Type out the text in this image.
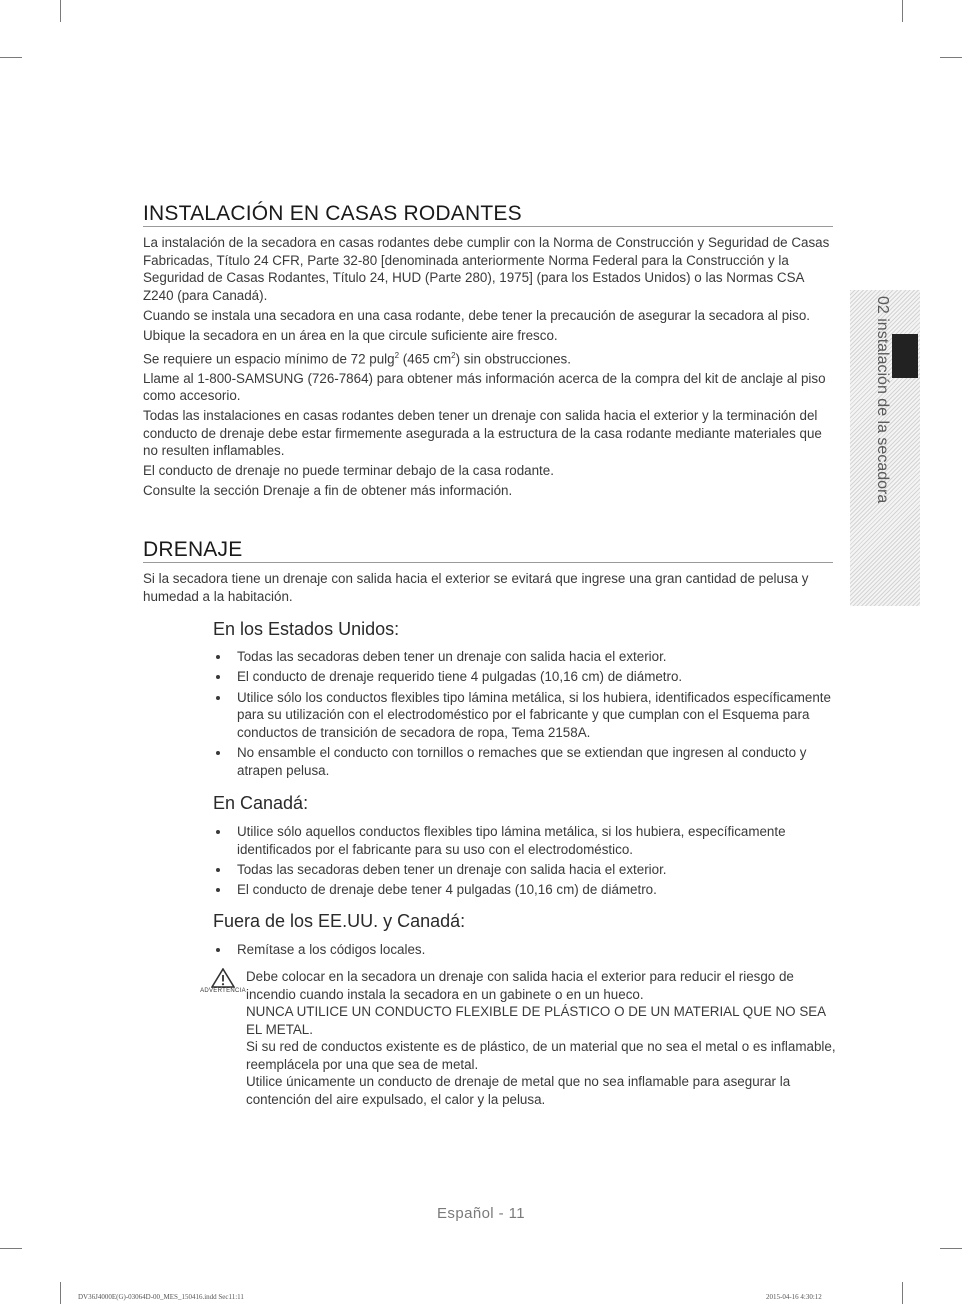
INSTALACIÓN EN CASAS RODANTES

La instalación de la secadora en casas rodantes debe cumplir con la Norma de Construcción y Seguridad de Casas Fabricadas, Título 24 CFR, Parte 32-80 [denominada anteriormente Norma Federal para la Construcción y la Seguridad de Casas Rodantes, Título 24, HUD (Parte 280), 1975] (para los Estados Unidos) o las Normas CSA Z240 (para Canadá).

Cuando se instala una secadora en una casa rodante, debe tener la precaución de asegurar la secadora al piso.

Ubique la secadora en un área en la que circule suficiente aire fresco.

Se requiere un espacio mínimo de 72 pulg$^2$ (465 $cm^2$) sin obstrucciones.

Llame al 1-800-SAMSUNG (726-7864) para obtener más información acerca de la compra del kit de anclaje al piso como accesorio.

Todas las instalaciones en casas rodantes deben tener un drenaje con salida hacia el exterior y la terminación del conducto de drenaje debe estar firmemente asegurada a la estructura de la casa rodante mediante materiales que no resulten inflamables.

El conducto de drenaje no puede terminar debajo de la casa rodante.

Consulte la sección Drenaje a fin de obtener más información.

DRENAJE

Si la secadora tiene un drenaje con salida hacia el exterior se evitará que ingrese una gran cantidad de pelusa y humedad a la habitación.

En los Estados Unidos:
Todas las secadoras deben tener un drenaje con salida hacia el exterior.
El conducto de drenaje requerido tiene 4 pulgadas (10,16 cm) de diámetro.
Utilice sólo los conductos flexibles tipo lámina metálica, si los hubiera, identificados específicamente para su utilización con el electrodoméstico por el fabricante y que cumplan con el Esquema para conductos de transición de secadora de ropa, Tema 2158A.
No ensamble el conducto con tornillos o remaches que se extiendan que ingresen al conducto y atrapen pelusa.
En Canadá:
Utilice sólo aquellos conductos flexibles tipo lámina metálica, si los hubiera, específicamente identificados por el fabricante para su uso con el electrodoméstico.
Todas las secadoras deben tener un drenaje con salida hacia el exterior.
El conducto de drenaje debe tener 4 pulgadas (10,16 cm) de diámetro.
Fuera de los EE.UU. y Canadá:
Remítase a los códigos locales.
ADVERTENCIA

Debe colocar en la secadora un drenaje con salida hacia el exterior para reducir el riesgo de incendio cuando instala la secadora en un gabinete o en un hueco.

NUNCA UTILICE UN CONDUCTO FLEXIBLE DE PLÁSTICO O DE UN MATERIAL QUE NO SEA EL METAL.

Si su red de conductos existente es de plástico, de un material que no sea el metal o es inflamable, reemplácela por una que sea de metal.

Utilice únicamente un conducto de drenaje de metal que no sea inflamable para asegurar la contención del aire expulsado, el calor y la pelusa.

02 instalación de la secadora
Español - 11
DV36J4000E(G)-03064D-00_MES_150416.indd Sec11:11	2015-04-16 4:30:12
